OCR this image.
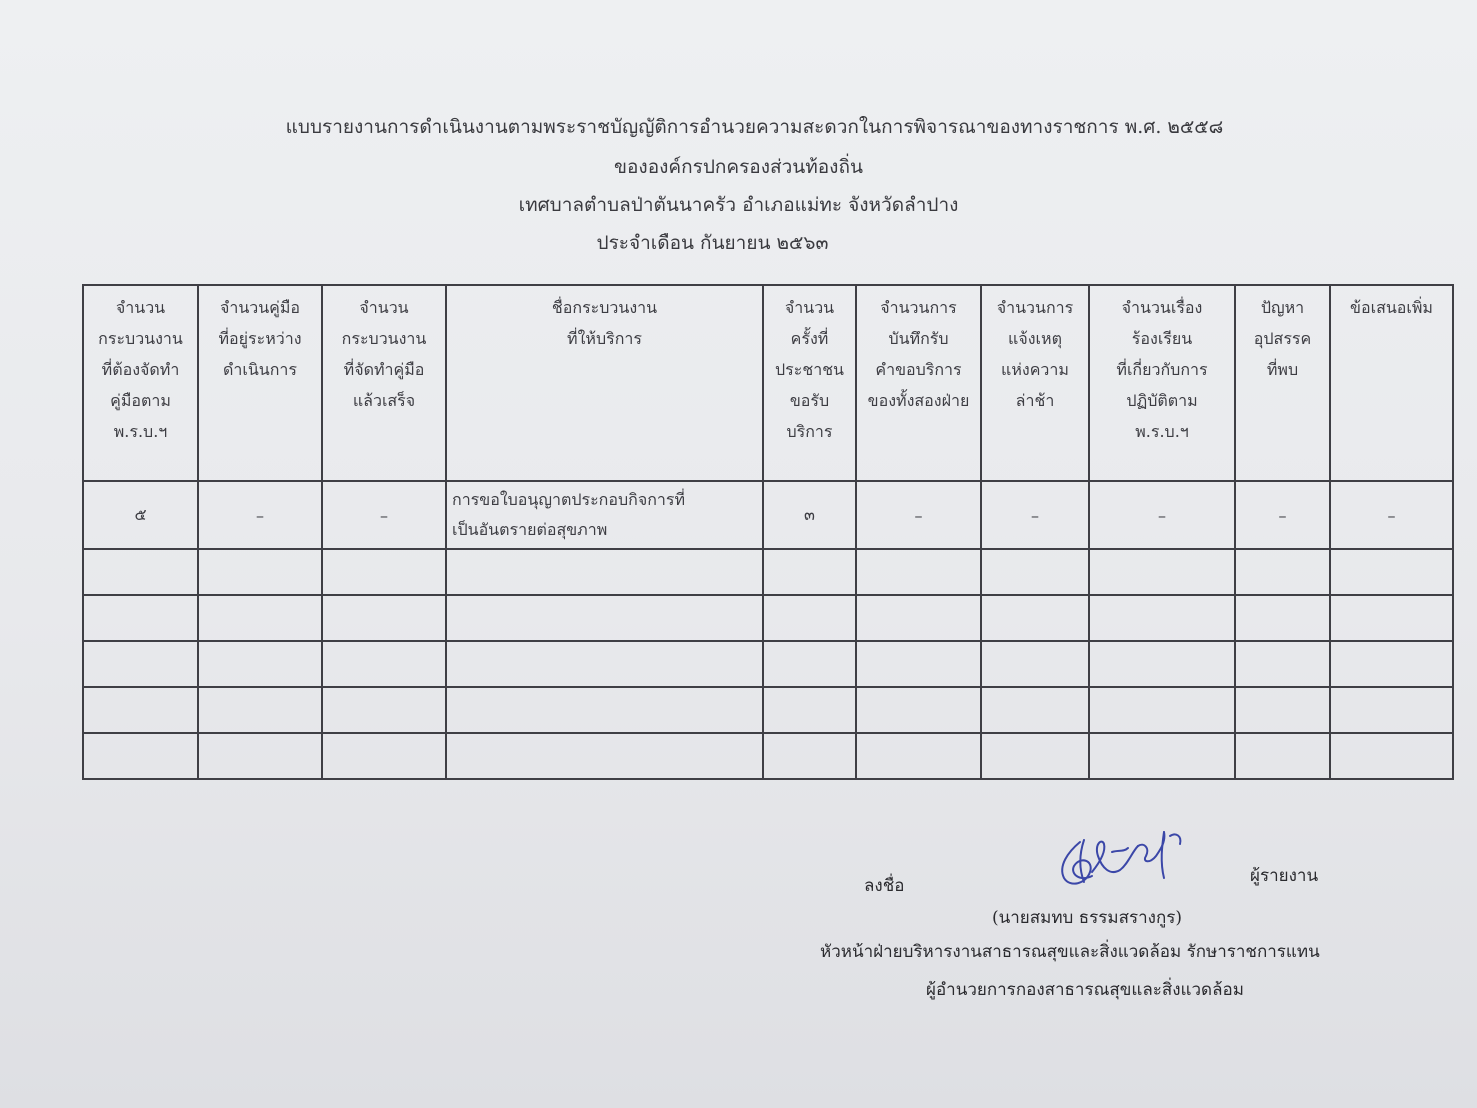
แบบรายงานการดำเนินงานตามพระราชบัญญัติการอำนวยความสะดวกในการพิจารณาของทางราชการ พ.ศ. ๒๕๕๘
ขององค์กรปกครองส่วนท้องถิ่น
เทศบาลตำบลป่าตันนาครัว อำเภอแม่ทะ จังหวัดลำปาง
ประจำเดือน กันยายน ๒๕๖๓
จำนวน
กระบวนงาน
ที่ต้องจัดทำ
คู่มือตาม
พ.ร.บ.ฯ	จำนวนคู่มือ
ที่อยู่ระหว่าง
ดำเนินการ	จำนวน
กระบวนงาน
ที่จัดทำคู่มือ
แล้วเสร็จ	ชื่อกระบวนงาน
ที่ให้บริการ	จำนวน
ครั้งที่
ประชาชน
ขอรับ
บริการ	จำนวนการ
บันทึกรับ
คำขอบริการ
ของทั้งสองฝ่าย	จำนวนการ
แจ้งเหตุ
แห่งความ
ล่าช้า	จำนวนเรื่อง
ร้องเรียน
ที่เกี่ยวกับการ
ปฏิบัติตาม
พ.ร.บ.ฯ	ปัญหา
อุปสรรค
ที่พบ	ข้อเสนอเพิ่ม

๕	–	–	การขอใบอนุญาตประกอบกิจการที่
เป็นอันตรายต่อสุขภาพ	๓	–	–	–	–	–

ลงชื่อ	ผู้รายงาน
(นายสมทบ ธรรมสรางกูร)
หัวหน้าฝ่ายบริหารงานสาธารณสุขและสิ่งแวดล้อม รักษาราชการแทน
ผู้อำนวยการกองสาธารณสุขและสิ่งแวดล้อม
